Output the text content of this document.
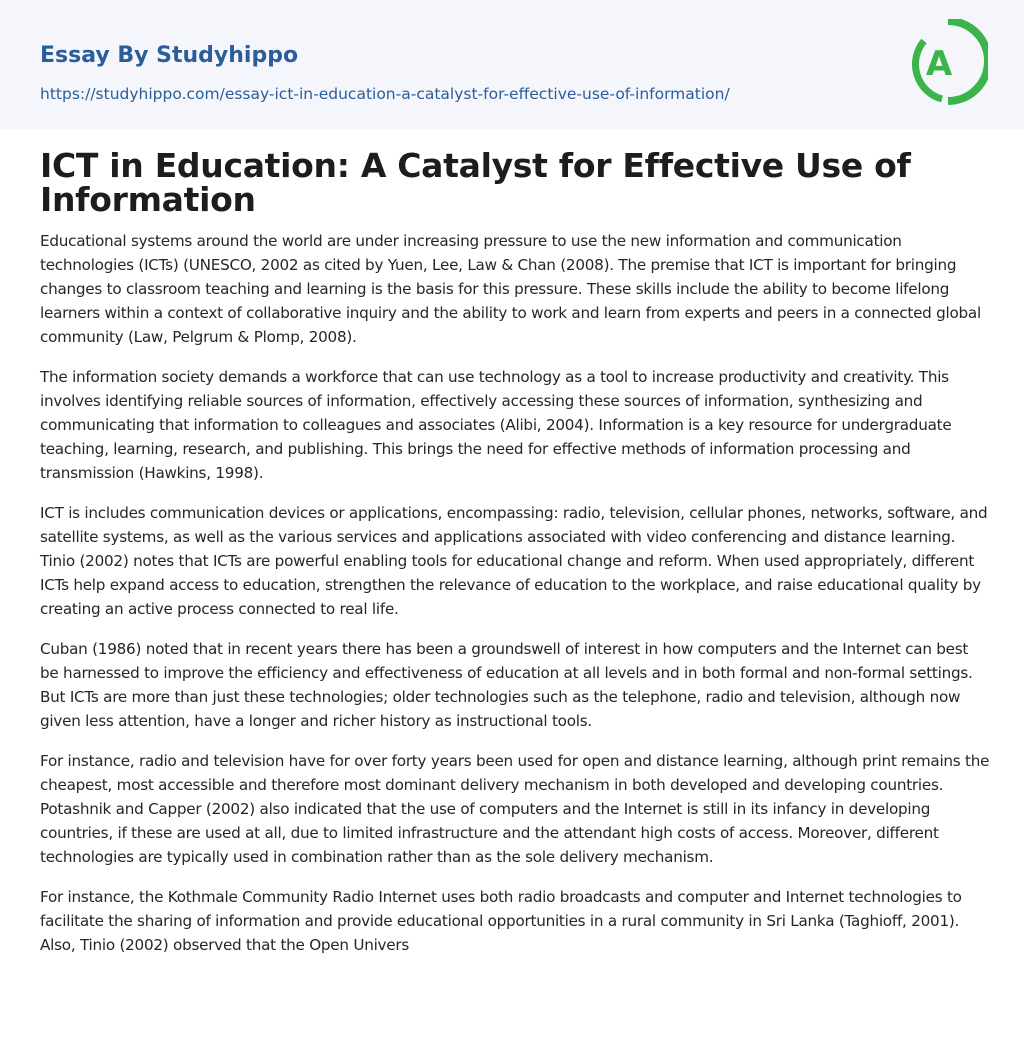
Essay By Studyhippo
https://studyhippo.com/essay-ict-in-education-a-catalyst-for-effective-use-of-information/
A
ICT in Education: A Catalyst for Effective Use of Information

Educational systems around the world are under increasing pressure to use the new information and communication technologies (ICTs) (UNESCO, 2002 as cited by Yuen, Lee, Law & Chan (2008). The premise that ICT is important for bringing changes to classroom teaching and learning is the basis for this pressure. These skills include the ability to become lifelong learners within a context of collaborative inquiry and the ability to work and learn from experts and peers in a connected global community (Law, Pelgrum & Plomp, 2008).

The information society demands a workforce that can use technology as a tool to increase productivity and creativity. This involves identifying reliable sources of information, effectively accessing these sources of information, synthesizing and communicating that information to colleagues and associates (Alibi, 2004). Information is a key resource for undergraduate teaching, learning, research, and publishing. This brings the need for effective methods of information processing and transmission (Hawkins, 1998).

ICT is includes communication devices or applications, encompassing: radio, television, cellular phones, networks, software, and satellite systems, as well as the various services and applications associated with video conferencing and distance learning. Tinio (2002) notes that ICTs are powerful enabling tools for educational change and reform. When used appropriately, different ICTs help expand access to education, strengthen the relevance of education to the workplace, and raise educational quality by creating an active process connected to real life.

Cuban (1986) noted that in recent years there has been a groundswell of interest in how computers and the Internet can best be harnessed to improve the efficiency and effectiveness of education at all levels and in both formal and non-formal settings. But ICTs are more than just these technologies; older technologies such as the telephone, radio and television, although now given less attention, have a longer and richer history as instructional tools.

For instance, radio and television have for over forty years been used for open and distance learning, although print remains the cheapest, most accessible and therefore most dominant delivery mechanism in both developed and developing countries. Potashnik and Capper (2002) also indicated that the use of computers and the Internet is still in its infancy in developing countries, if these are used at all, due to limited infrastructure and the attendant high costs of access. Moreover, different technologies are typically used in combination rather than as the sole delivery mechanism.

For instance, the Kothmale Community Radio Internet uses both radio broadcasts and computer and Internet technologies to facilitate the sharing of information and provide educational opportunities in a rural community in Sri Lanka (Taghioff, 2001). Also, Tinio (2002) observed that the Open Univers
